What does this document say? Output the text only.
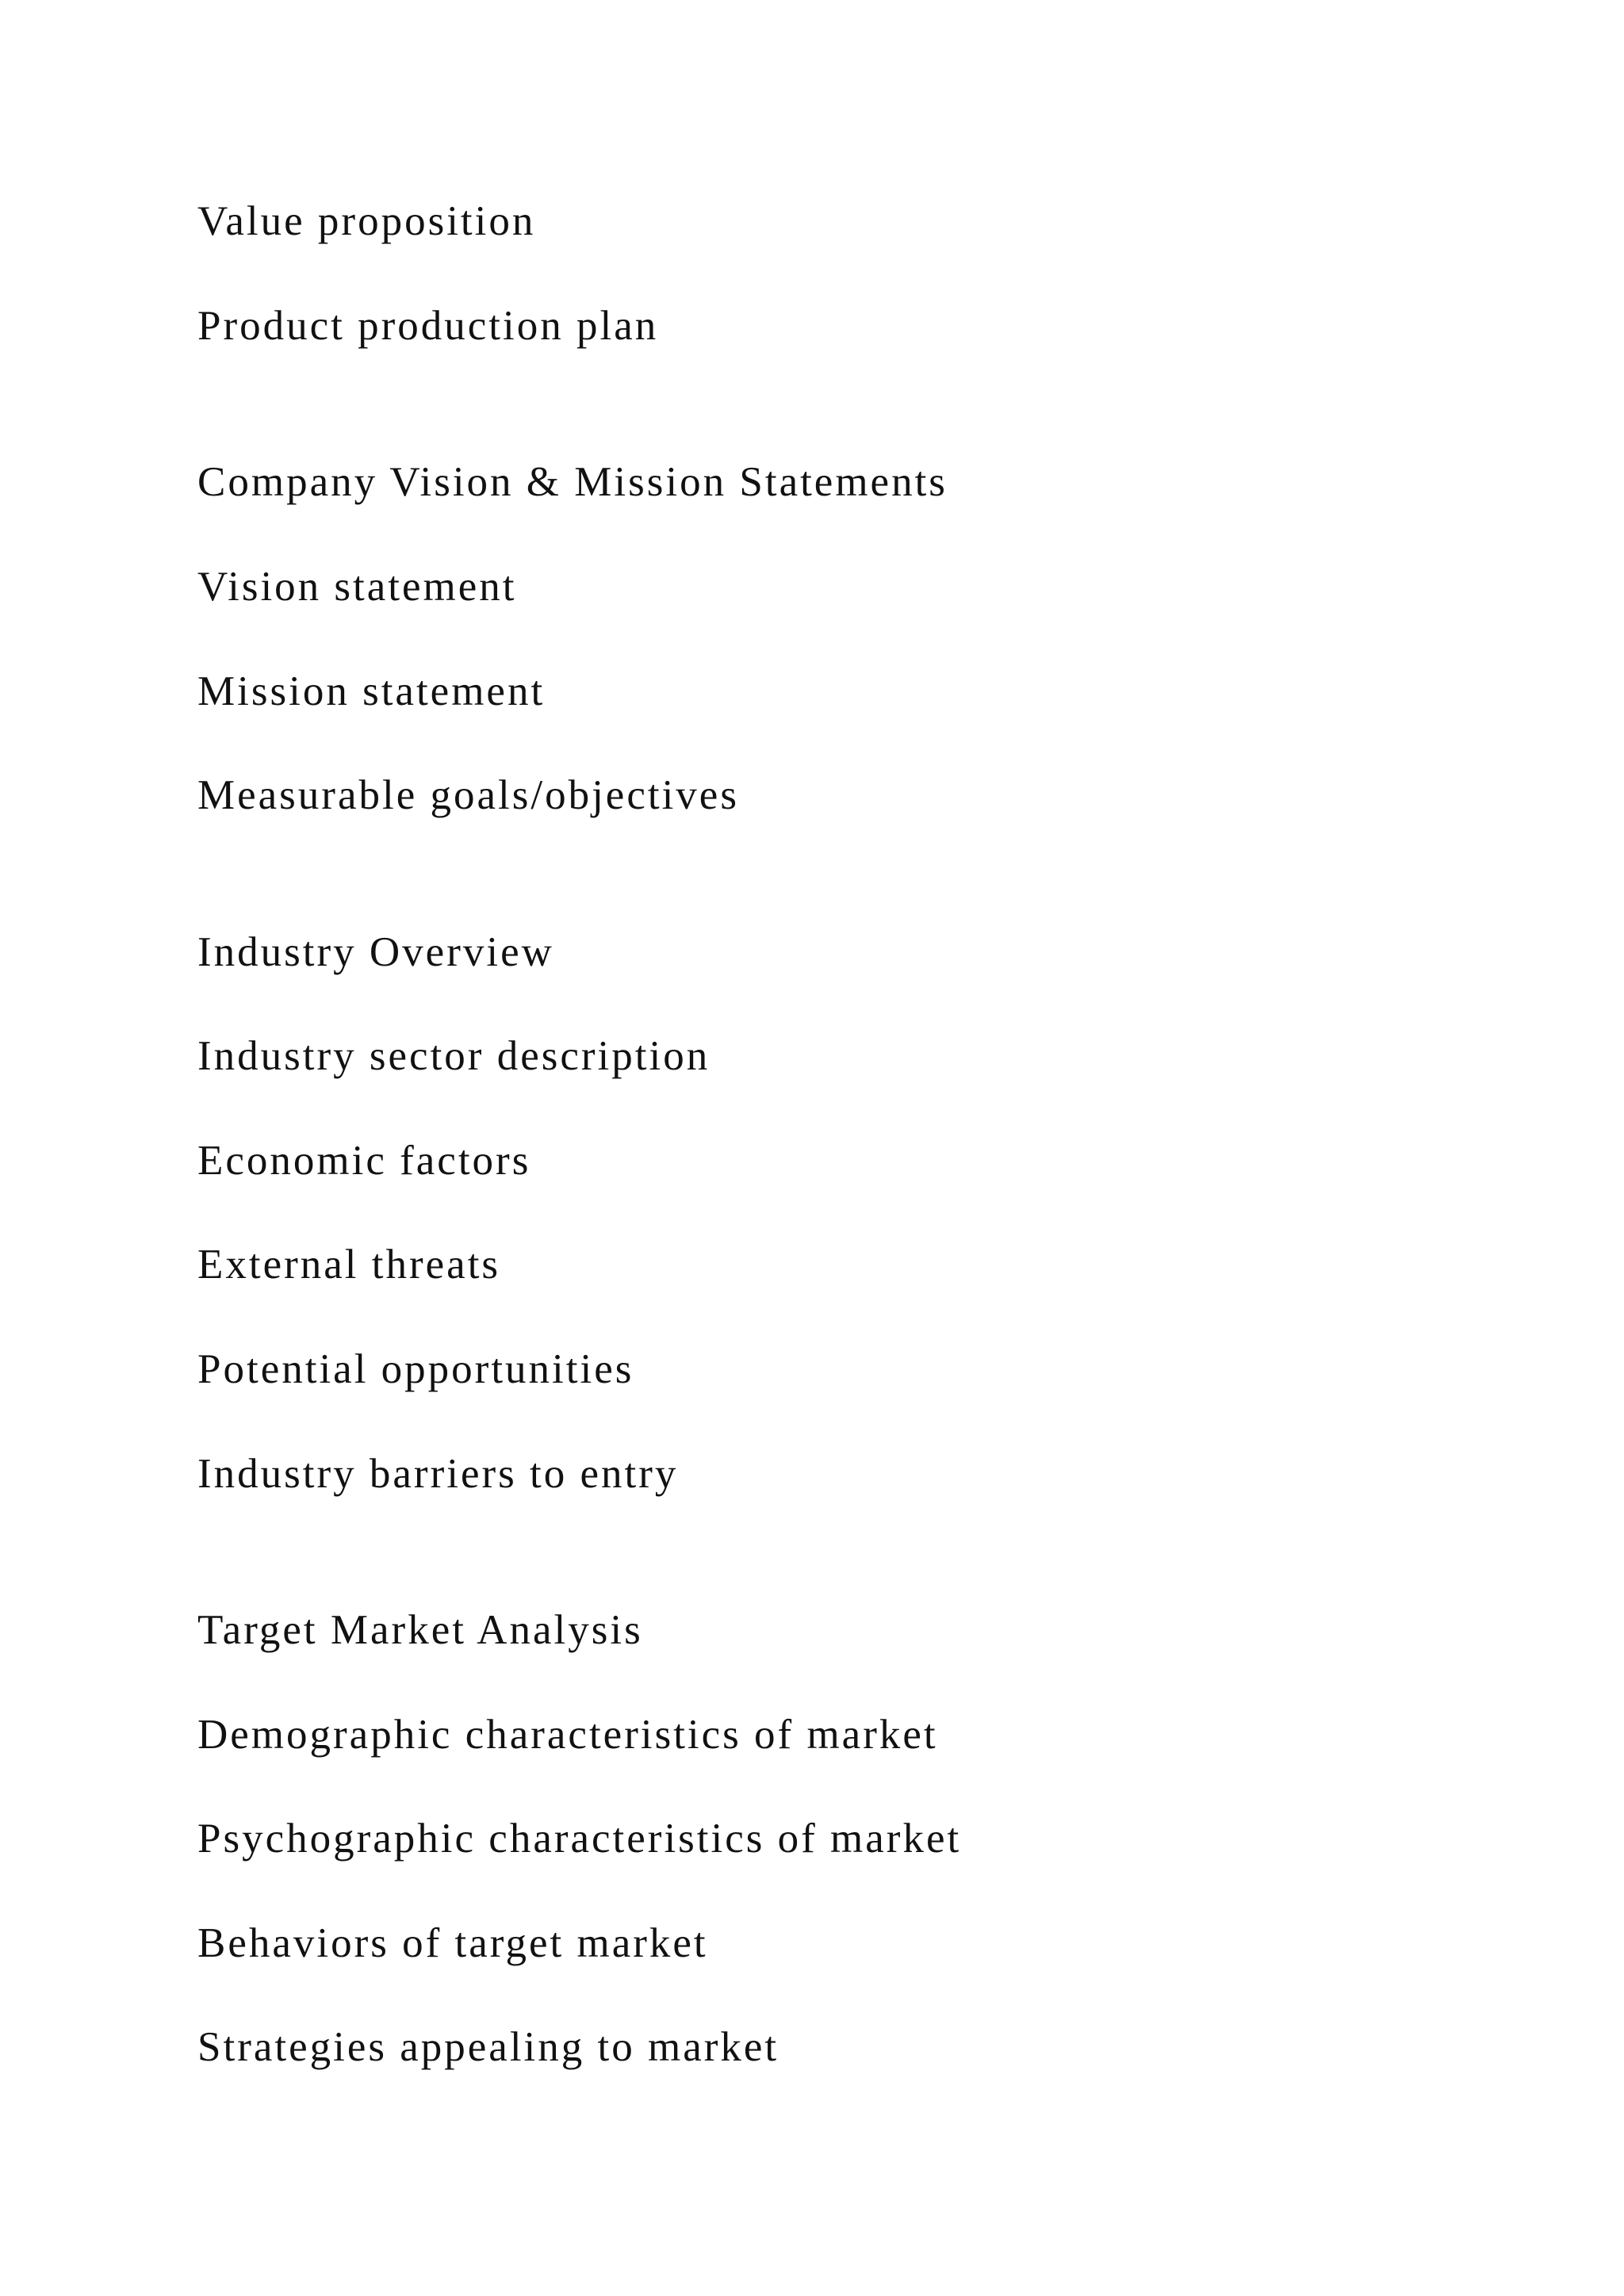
Value proposition
Product production plan
Company Vision & Mission Statements
Vision statement
Mission statement
Measurable goals/objectives
Industry Overview
Industry sector description
Economic factors
External threats
Potential opportunities
Industry barriers to entry
Target Market Analysis
Demographic characteristics of market
Psychographic characteristics of market
Behaviors of target market
Strategies appealing to market
